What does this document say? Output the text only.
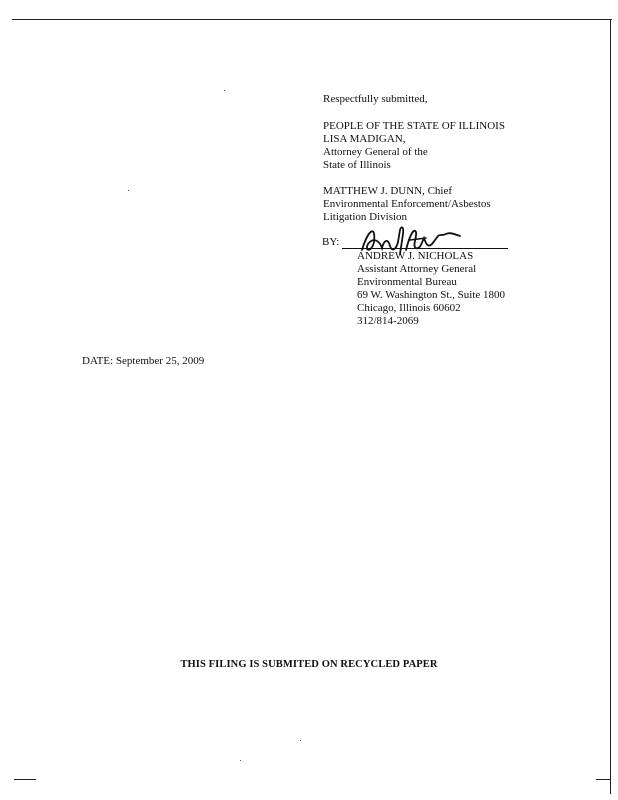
Respectfully submitted,
PEOPLE OF THE STATE OF ILLINOIS
LISA MADIGAN,
Attorney General of the
State of Illinois
MATTHEW J. DUNN, Chief
Environmental Enforcement/Asbestos
Litigation Division
BY:
ANDREW J. NICHOLAS
Assistant Attorney General
Environmental Bureau
69 W. Washington St., Suite 1800
Chicago, Illinois 60602
312/814-2069
DATE: September 25, 2009
THIS FILING IS SUBMITED ON RECYCLED PAPER
